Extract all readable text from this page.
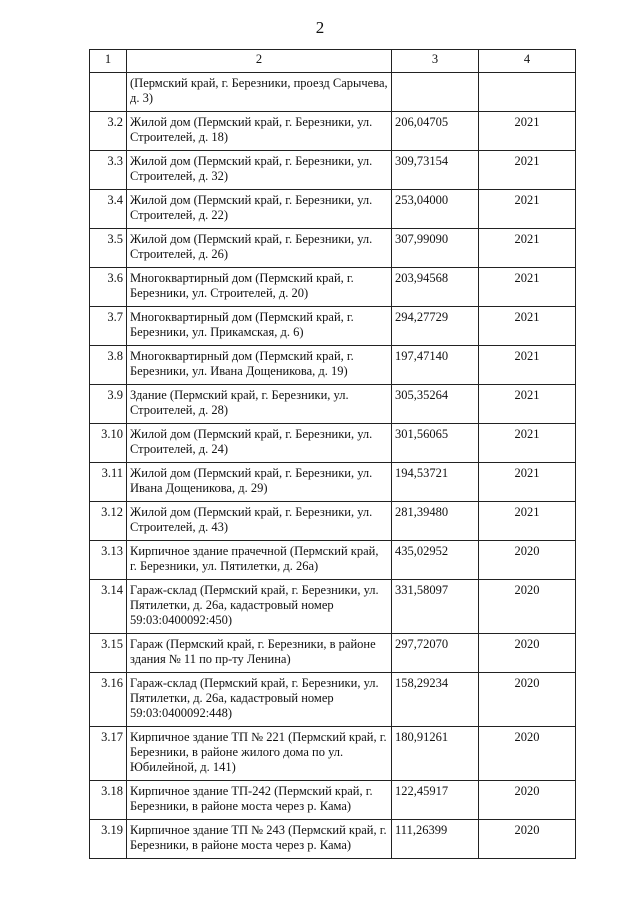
2
1	2	3	4
	(Пермский край, г. Березники, проезд Сарычева, д. 3)		
3.2	Жилой дом (Пермский край, г. Березники, ул. Строителей, д. 18)	206,04705	2021
3.3	Жилой дом (Пермский край, г. Березники, ул. Строителей, д. 32)	309,73154	2021
3.4	Жилой дом (Пермский край, г. Березники, ул. Строителей, д. 22)	253,04000	2021
3.5	Жилой дом (Пермский край, г. Березники, ул. Строителей, д. 26)	307,99090	2021
3.6	Многоквартирный дом (Пермский край, г. Березники, ул. Строителей, д. 20)	203,94568	2021
3.7	Многоквартирный дом (Пермский край, г. Березники, ул. Прикамская, д. 6)	294,27729	2021
3.8	Многоквартирный дом (Пермский край, г. Березники, ул. Ивана Дощеникова, д. 19)	197,47140	2021
3.9	Здание (Пермский край, г. Березники, ул. Строителей, д. 28)	305,35264	2021
3.10	Жилой дом (Пермский край, г. Березники, ул. Строителей, д. 24)	301,56065	2021
3.11	Жилой дом (Пермский край, г. Березники, ул. Ивана Дощеникова, д. 29)	194,53721	2021
3.12	Жилой дом (Пермский край, г. Березники, ул. Строителей, д. 43)	281,39480	2021
3.13	Кирпичное здание прачечной (Пермский край, г. Березники, ул. Пятилетки, д. 26а)	435,02952	2020
3.14	Гараж-склад (Пермский край, г. Березники, ул. Пятилетки, д. 26а, кадастровый номер 59:03:0400092:450)	331,58097	2020
3.15	Гараж (Пермский край, г. Березники, в районе здания № 11 по пр-ту Ленина)	297,72070	2020
3.16	Гараж-склад (Пермский край, г. Березники, ул. Пятилетки, д. 26а, кадастровый номер 59:03:0400092:448)	158,29234	2020
3.17	Кирпичное здание ТП № 221 (Пермский край, г. Березники, в районе жилого дома по ул. Юбилейной, д. 141)	180,91261	2020
3.18	Кирпичное здание ТП-242 (Пермский край, г. Березники, в районе моста через р. Кама)	122,45917	2020
3.19	Кирпичное здание ТП № 243 (Пермский край, г. Березники, в районе моста через р. Кама)	111,26399	2020
